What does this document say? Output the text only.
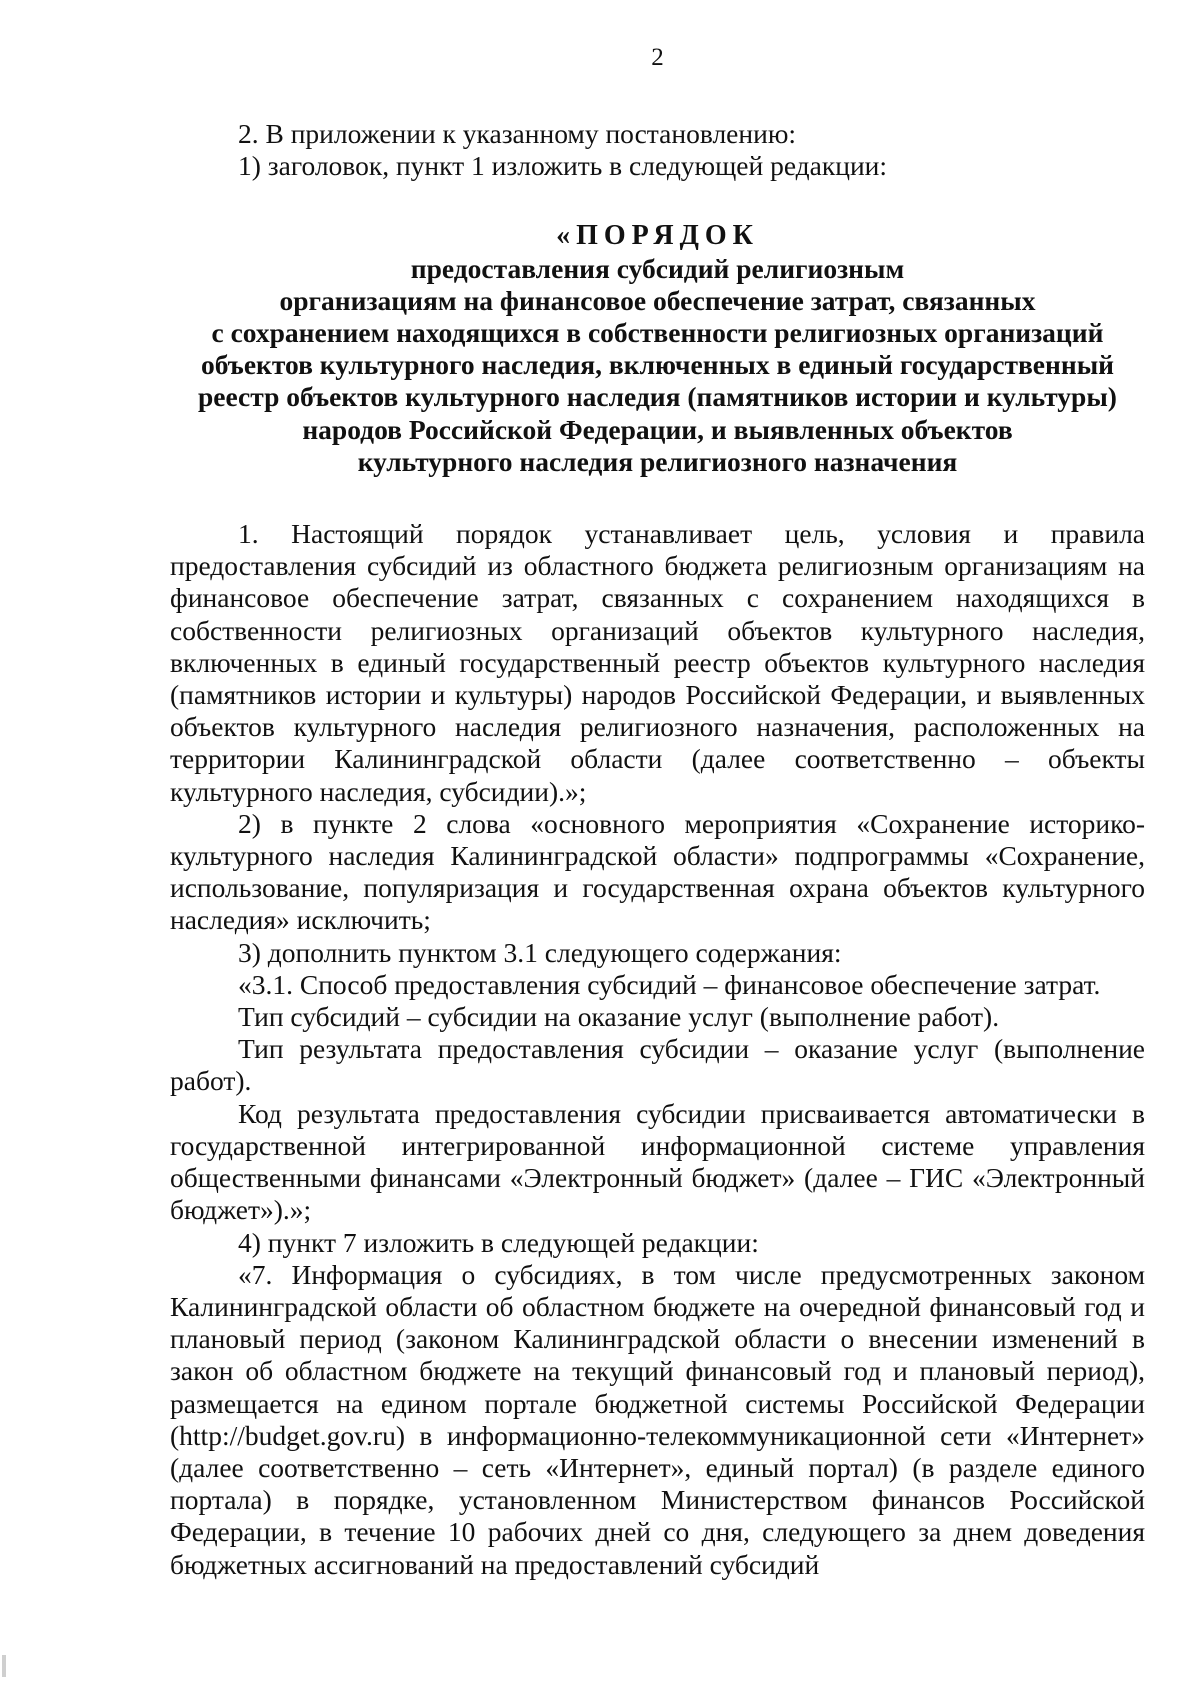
2

2. В приложении к указанному постановлению:

1) заголовок, пункт 1 изложить в следующей редакции:

«ПОРЯДОК
предоставления субсидий религиозным
организациям на финансовое обеспечение затрат, связанных
с сохранением находящихся в собственности религиозных организаций
объектов культурного наследия, включенных в единый государственный
реестр объектов культурного наследия (памятников истории и культуры)
народов Российской Федерации, и выявленных объектов
культурного наследия религиозного назначения

1. Настоящий порядок устанавливает цель, условия и правила предоставления субсидий из областного бюджета религиозным организациям на финансовое обеспечение затрат, связанных с сохранением находящихся в собственности религиозных организаций объектов культурного наследия, включенных в единый государственный реестр объектов культурного наследия (памятников истории и культуры) народов Российской Федерации, и выявленных объектов культурного наследия религиозного назначения, расположенных на территории Калининградской области (далее соответственно – объекты культурного наследия, субсидии).»;

2) в пункте 2 слова «основного мероприятия «Сохранение историко-культурного наследия Калининградской области» подпрограммы «Сохранение, использование, популяризация и государственная охрана объектов культурного наследия» исключить;

3) дополнить пунктом 3.1 следующего содержания:

«3.1. Способ предоставления субсидий – финансовое обеспечение затрат.

Тип субсидий – субсидии на оказание услуг (выполнение работ).

Тип результата предоставления субсидии – оказание услуг (выполнение работ).

Код результата предоставления субсидии присваивается автоматически в государственной интегрированной информационной системе управления общественными финансами «Электронный бюджет» (далее – ГИС «Электронный бюджет»).»;

4) пункт 7 изложить в следующей редакции:

«7. Информация о субсидиях, в том числе предусмотренных законом Калининградской области об областном бюджете на очередной финансовый год и плановый период (законом Калининградской области о внесении изменений в закон об областном бюджете на текущий финансовый год и плановый период), размещается на едином портале бюджетной системы Российской Федерации (http://budget.gov.ru) в информационно-телекоммуникационной сети «Интернет» (далее соответственно – сеть «Интернет», единый портал) (в разделе единого портала) в порядке, установленном Министерством финансов Российской Федерации, в течение 10 рабочих дней со дня, следующего за днем доведения бюджетных ассигнований на предоставлений субсидий
